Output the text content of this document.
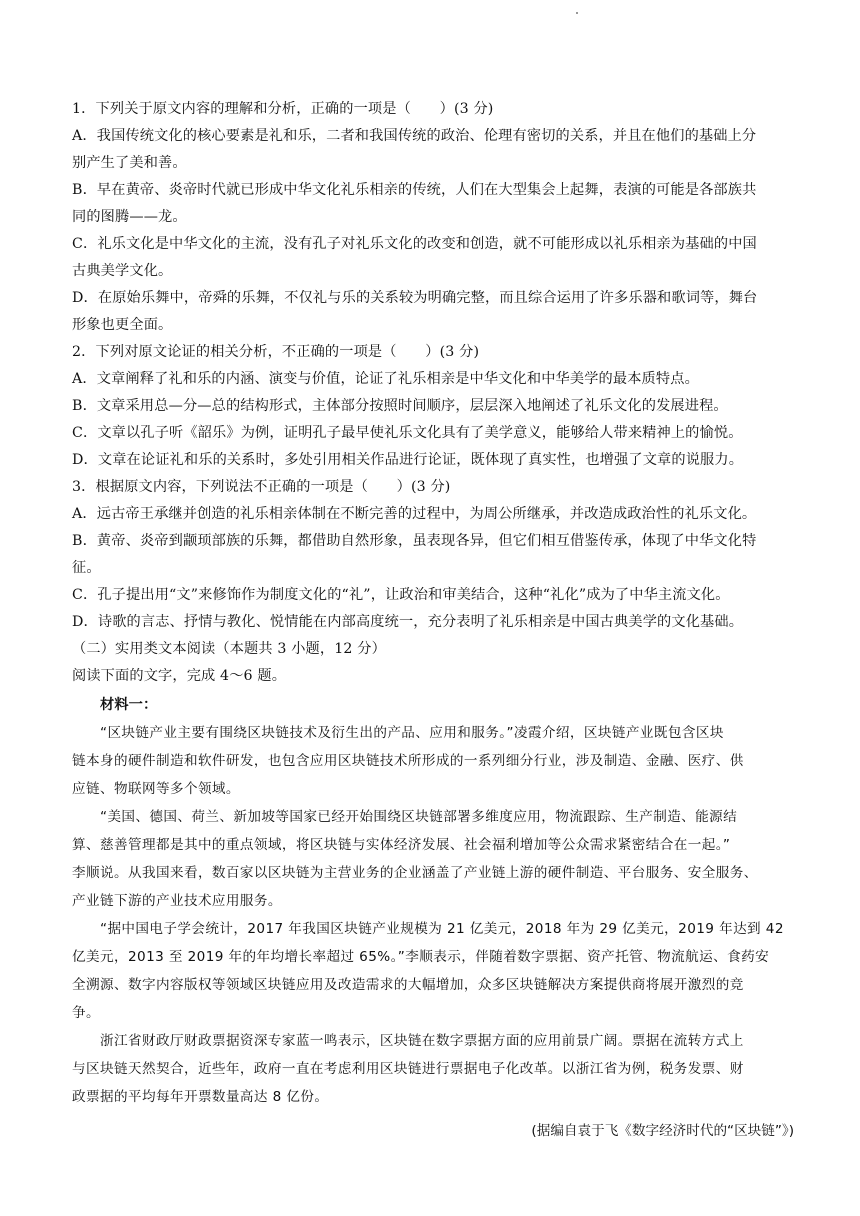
1．下列关于原文内容的理解和分析，正确的一项是（　　）(3 分)

A．我国传统文化的核心要素是礼和乐，二者和我国传统的政治、伦理有密切的关系，并且在他们的基础上分

别产生了美和善。

B．早在黄帝、炎帝时代就已形成中华文化礼乐相亲的传统，人们在大型集会上起舞，表演的可能是各部族共

同的图腾——龙。

C．礼乐文化是中华文化的主流，没有孔子对礼乐文化的改变和创造，就不可能形成以礼乐相亲为基础的中国

古典美学文化。

D．在原始乐舞中，帝舜的乐舞，不仅礼与乐的关系较为明确完整，而且综合运用了许多乐器和歌词等，舞台

形象也更全面。

2．下列对原文论证的相关分析，不正确的一项是（　　）(3 分)

A．文章阐释了礼和乐的内涵、演变与价值，论证了礼乐相亲是中华文化和中华美学的最本质特点。

B．文章采用总—分—总的结构形式，主体部分按照时间顺序，层层深入地阐述了礼乐文化的发展进程。

C．文章以孔子听《韶乐》为例，证明孔子最早使礼乐文化具有了美学意义，能够给人带来精神上的愉悦。

D．文章在论证礼和乐的关系时，多处引用相关作品进行论证，既体现了真实性，也增强了文章的说服力。

3．根据原文内容，下列说法不正确的一项是（　　）(3 分)

A．远古帝王承继并创造的礼乐相亲体制在不断完善的过程中，为周公所继承，并改造成政治性的礼乐文化。

B．黄帝、炎帝到颛顼部族的乐舞，都借助自然形象，虽表现各异，但它们相互借鉴传承，体现了中华文化特

征。

C．孔子提出用“文”来修饰作为制度文化的“礼”，让政治和审美结合，这种“礼化”成为了中华主流文化。

D．诗歌的言志、抒情与教化、悦情能在内部高度统一，充分表明了礼乐相亲是中国古典美学的文化基础。

（二）实用类文本阅读（本题共 3 小题，12 分）

阅读下面的文字，完成 4～6 题。

材料一：

“区块链产业主要有围绕区块链技术及衍生出的产品、应用和服务。”凌霞介绍，区块链产业既包含区块

链本身的硬件制造和软件研发，也包含应用区块链技术所形成的一系列细分行业，涉及制造、金融、医疗、供

应链、物联网等多个领域。

“美国、德国、荷兰、新加坡等国家已经开始围绕区块链部署多维度应用，物流跟踪、生产制造、能源结

算、慈善管理都是其中的重点领域，将区块链与实体经济发展、社会福利增加等公众需求紧密结合在一起。”

李顺说。从我国来看，数百家以区块链为主营业务的企业涵盖了产业链上游的硬件制造、平台服务、安全服务、

产业链下游的产业技术应用服务。

“据中国电子学会统计，2017 年我国区块链产业规模为 21 亿美元，2018 年为 29 亿美元，2019 年达到 42

亿美元，2013 至 2019 年的年均增长率超过 65%。”李顺表示，伴随着数字票据、资产托管、物流航运、食药安

全溯源、数字内容版权等领域区块链应用及改造需求的大幅增加，众多区块链解决方案提供商将展开激烈的竞

争。

浙江省财政厅财政票据资深专家蓝一鸣表示，区块链在数字票据方面的应用前景广阔。票据在流转方式上

与区块链天然契合，近些年，政府一直在考虑利用区块链进行票据电子化改革。以浙江省为例，税务发票、财

政票据的平均每年开票数量高达 8 亿份。

(据编自袁于飞《数字经济时代的“区块链”》)
